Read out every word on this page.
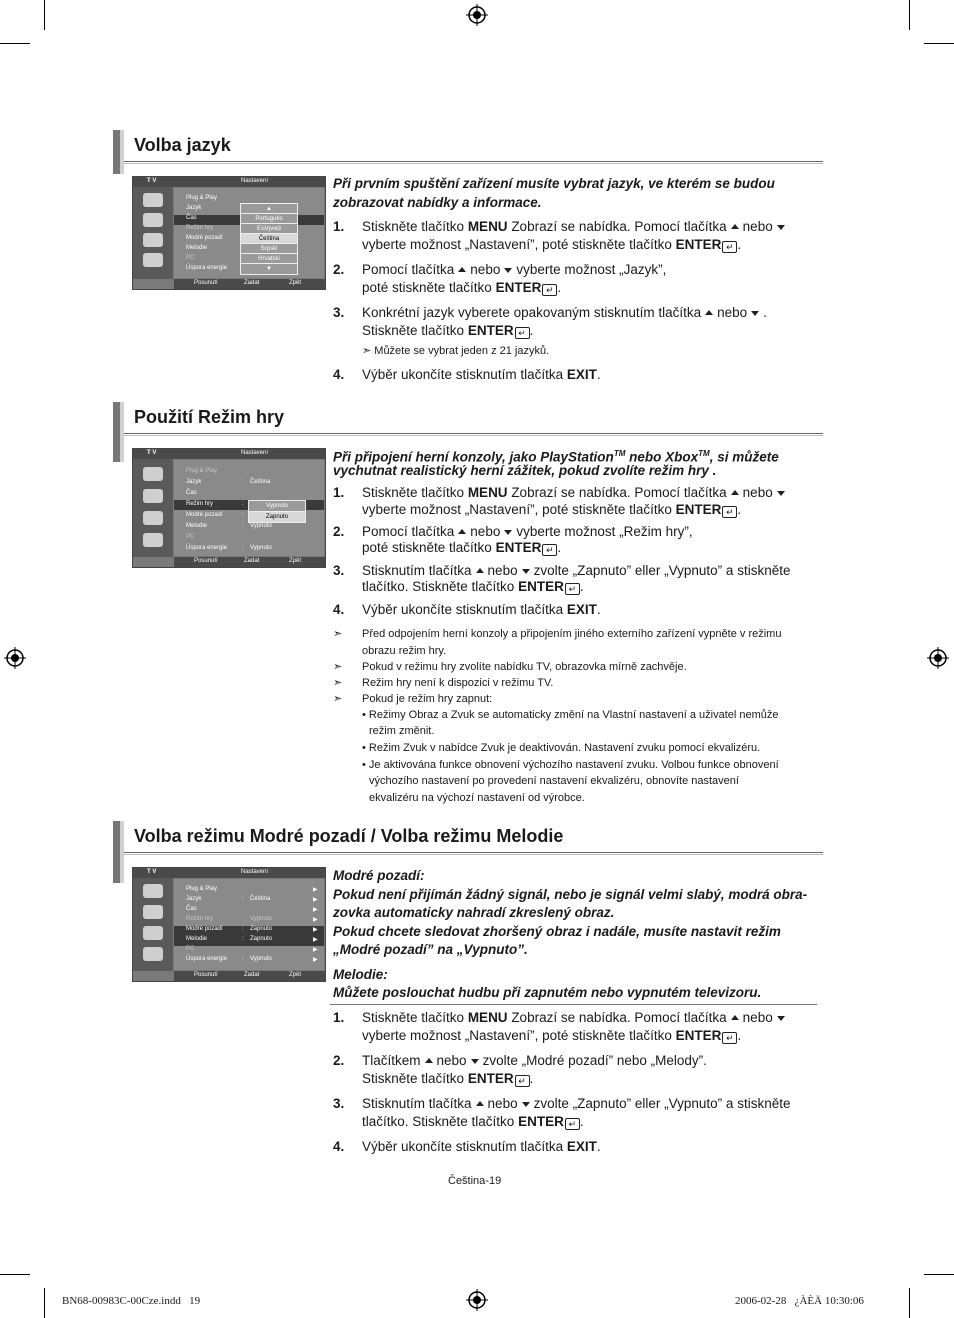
Volba jazyk
T V	Nastavení
Plug & Play
Jazyk
Čas
Režim hry
Modré pozadí
Melodie
PC
Úspora energie
▲
Português
Ελληνικά
Čeština
Srpski
Hrvatski
▼
Posunutí	Zadat	Zpět
Při prvním spuštění zařízení musíte vybrat jazyk, ve kterém se budou
zobrazovat nabídky a informace.
1. Stiskněte tlačítko MENU Zobrazí se nabídka. Pomocí tlačítka nebo
vyberte možnost „Nastavení”, poté stiskněte tlačítko ENTER ↵ .
2. Pomocí tlačítka nebo vyberte možnost „Jazyk”,
poté stiskněte tlačítko ENTER ↵ .
3. Konkrétní jazyk vyberete opakovaným stisknutím tlačítka nebo .
Stiskněte tlačítko ENTER ↵ .
➣ Můžete se vybrat jeden z 21 jazyků.
4. Výběr ukončíte stisknutím tlačítka EXIT.
Použití Režim hry
T V	Nastavení
Plug & Play
Jazyk	: Čeština
Čas
Režim hry	:
Modré pozadí	:
Melodie	: Vypnuto
PC
Úspora energie : Vypnuto
Vypnuto
Zapnuto
Posunutí	Zadat	Zpět
Při připojení herní konzoly, jako PlayStation™ nebo Xbox™, si můžete
vychutnat realistický herní zážitek, pokud zvolíte režim hry .
1. Stiskněte tlačítko MENU Zobrazí se nabídka. Pomocí tlačítka nebo
vyberte možnost „Nastavení”, poté stiskněte tlačítko ENTER ↵ .
2. Pomocí tlačítka nebo vyberte možnost „Režim hry”,
poté stiskněte tlačítko ENTER ↵ .
3. Stisknutím tlačítka nebo zvolte „Zapnuto” eller „Vypnuto” a stiskněte
tlačítko. Stiskněte tlačítko ENTER ↵ .
4. Výběr ukončíte stisknutím tlačítka EXIT.
➣ Před odpojením herní konzoly a připojením jiného externího zařízení vypněte v režimu
obrazu režim hry.
➣ Pokud v režimu hry zvolíte nabídku TV, obrazovka mírně zachvěje.
➣ Režim hry není k dispozici v režimu TV.
➣ Pokud je režim hry zapnut:
• Režimy Obraz a Zvuk se automaticky změní na Vlastní nastavení a uživatel nemůže
režim změnit.
• Režim Zvuk v nabídce Zvuk je deaktivován. Nastavení zvuku pomocí ekvalizéru.
• Je aktivována funkce obnovení výchozího nastavení zvuku. Volbou funkce obnovení
výchozího nastavení po provedení nastavení ekvalizéru, obnovíte nastavení
ekvalizéru na výchozí nastavení od výrobce.
Volba režimu Modré pozadí / Volba režimu Melodie
T V	Nastavení
Plug & Play	▶
Jazyk	: Čeština	▶
Čas	▶
Režim hry	: Vypnuto	▶
Modré pozadí	: Zapnuto	▶
Melodie	: Zapnuto	▶
PC	▶
Úspora energie : Vypnuto	▶
Posunutí	Zadat	Zpět
Modré pozadí:
Pokud není přijímán žádný signál, nebo je signál velmi slabý, modrá obra-
zovka automaticky nahradí zkreslený obraz.
Pokud chcete sledovat zhoršený obraz i nadále, musíte nastavit režim
„Modré pozadí” na „Vypnuto”.
Melodie:
Můžete poslouchat hudbu při zapnutém nebo vypnutém televizoru.
1. Stiskněte tlačítko MENU Zobrazí se nabídka. Pomocí tlačítka nebo
vyberte možnost „Nastavení”, poté stiskněte tlačítko ENTER ↵ .
2. Tlačítkem nebo zvolte „Modré pozadí” nebo „Melody”.
Stiskněte tlačítko ENTER ↵ .
3. Stisknutím tlačítka nebo zvolte „Zapnuto” eller „Vypnuto” a stiskněte
tlačítko. Stiskněte tlačítko ENTER ↵ .
4. Výběr ukončíte stisknutím tlačítka EXIT.
Čeština-19
BN68-00983C-00Cze.indd   19	2006-02-28   ¿ÀÈÄ 10:30:06
